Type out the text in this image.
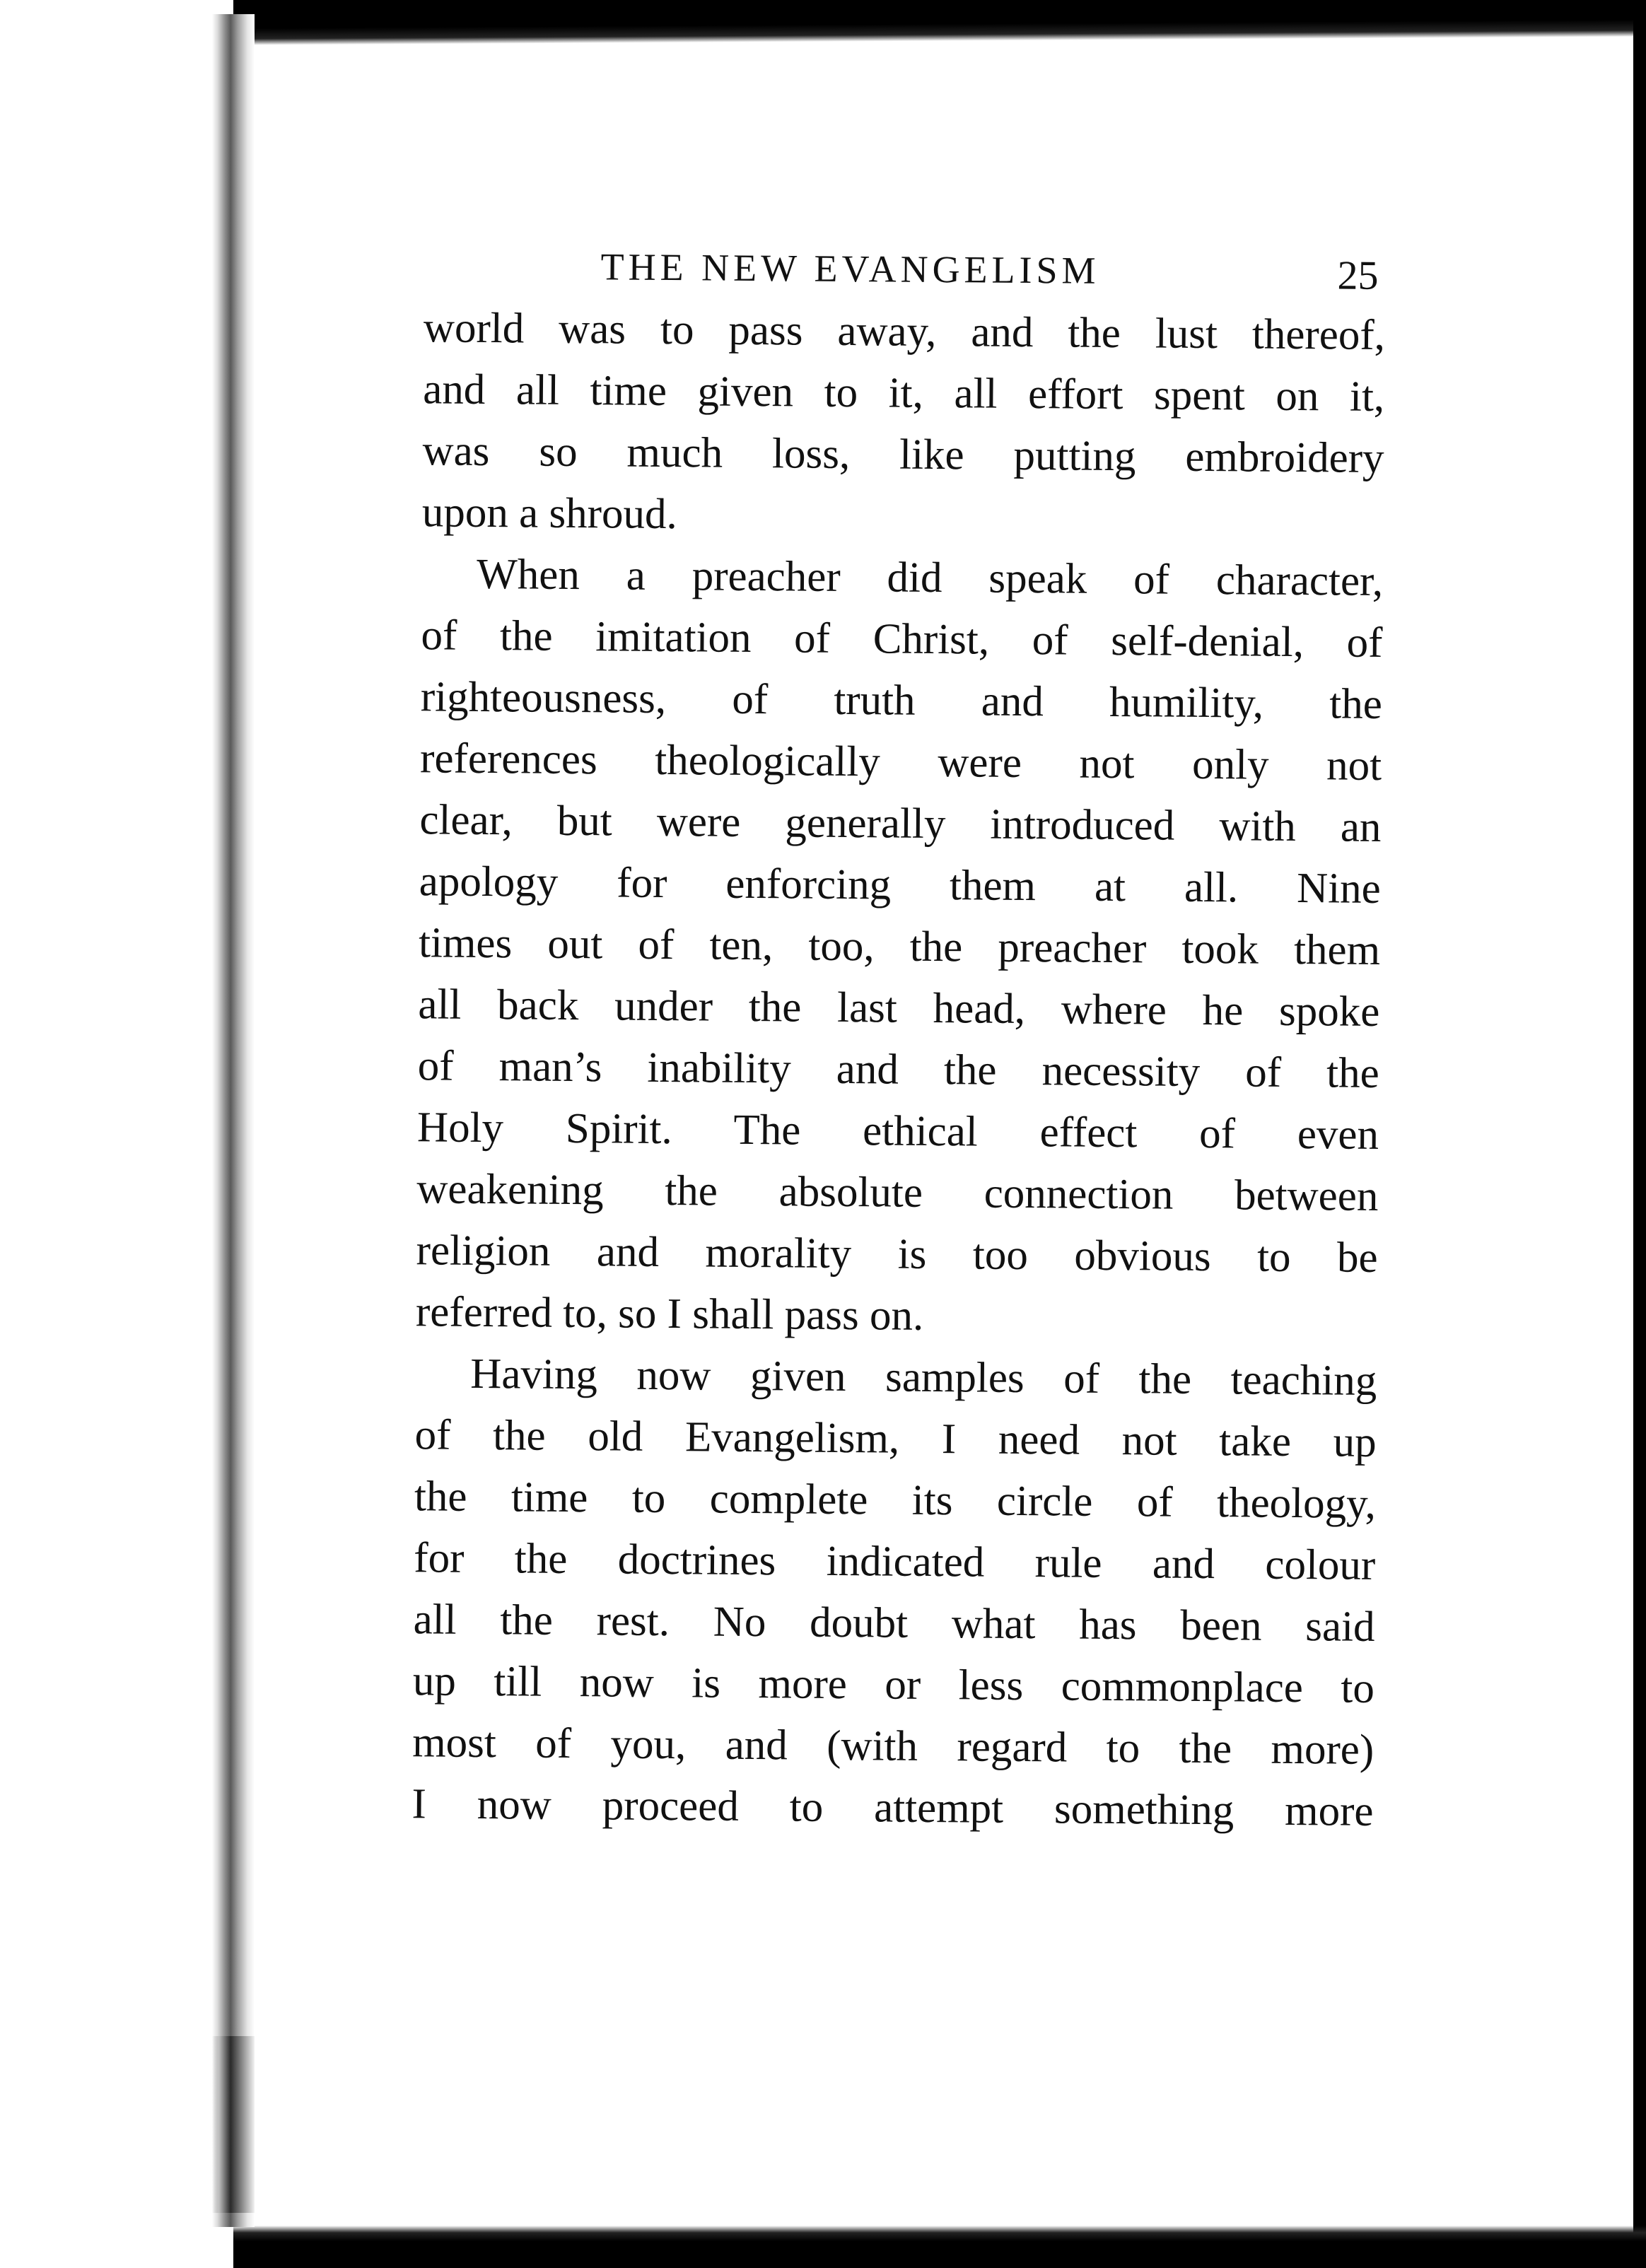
THE NEW EVANGELISM	25
world was to pass away, and the lust thereof,
and all time given to it, all effort spent on it,
was so much loss, like putting embroidery
upon a shroud.
When a preacher did speak of character,
of the imitation of Christ, of self-denial, of
righteousness, of truth and humility, the
references theologically were not only not
clear, but were generally introduced with an
apology for enforcing them at all. Nine
times out of ten, too, the preacher took them
all back under the last head, where he spoke
of man’s inability and the necessity of the
Holy Spirit. The ethical effect of even
weakening the absolute connection between
religion and morality is too obvious to be
referred to, so I shall pass on.
Having now given samples of the teaching
of the old Evangelism, I need not take up
the time to complete its circle of theology,
for the doctrines indicated rule and colour
all the rest. No doubt what has been said
up till now is more or less commonplace to
most of you, and (with regard to the more)
I now proceed to attempt something more
